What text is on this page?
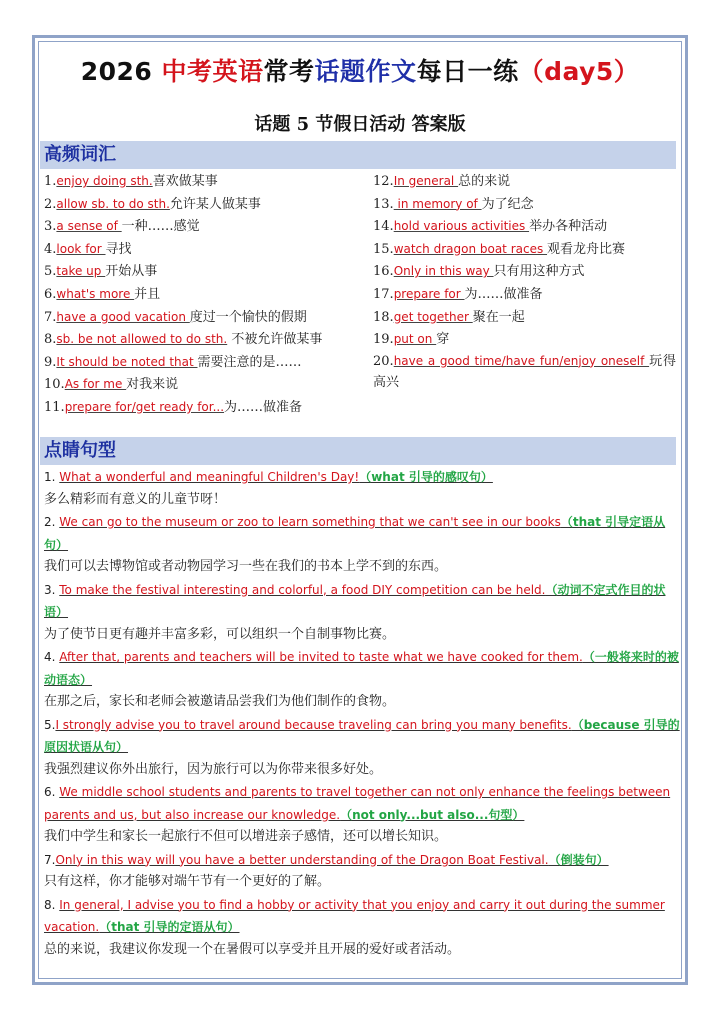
2026 中考英语常考话题作文每日一练（day5）
话题 5 节假日活动 答案版
高频词汇
1.enjoy doing sth.喜欢做某事
2.allow sb. to do sth.允许某人做某事
3.a sense of 一种……感觉
4.look for 寻找
5.take up 开始从事
6.what's more 并且
7.have a good vacation 度过一个愉快的假期
8.sb. be not allowed to do sth. 不被允许做某事
9.It should be noted that 需要注意的是……
10.As for me 对我来说
11.prepare for/get ready for...为……做准备
12.In general 总的来说
13. in memory of 为了纪念
14.hold various activities 举办各种活动
15.watch dragon boat races 观看龙舟比赛
16.Only in this way 只有用这种方式
17.prepare for 为……做准备
18.get together 聚在一起
19.put on 穿
20.have a good time/have fun/enjoy oneself 玩得高兴
点睛句型
1. What a wonderful and meaningful Children's Day!（what 引导的感叹句）
多么精彩而有意义的儿童节呀！
2. We can go to the museum or zoo to learn something that we can't see in our books（that 引导定语从句）
我们可以去博物馆或者动物园学习一些在我们的书本上学不到的东西。
3. To make the festival interesting and colorful, a food DIY competition can be held.（动词不定式作目的状语）
为了使节日更有趣并丰富多彩，可以组织一个自制事物比赛。
4. After that, parents and teachers will be invited to taste what we have cooked for them.（一般将来时的被动语态）
在那之后，家长和老师会被邀请品尝我们为他们制作的食物。
5.I strongly advise you to travel around because traveling can bring you many benefits.（because 引导的原因状语从句）
我强烈建议你外出旅行，因为旅行可以为你带来很多好处。
6. We middle school students and parents to travel together can not only enhance the feelings between parents and us, but also increase our knowledge.（not only...but also...句型）
我们中学生和家长一起旅行不但可以增进亲子感情，还可以增长知识。
7.Only in this way will you have a better understanding of the Dragon Boat Festival.（倒装句）
只有这样，你才能够对端午节有一个更好的了解。
8. In general, I advise you to find a hobby or activity that you enjoy and carry it out during the summer vacation.（that 引导的定语从句）
总的来说，我建议你发现一个在暑假可以享受并且开展的爱好或者活动。
